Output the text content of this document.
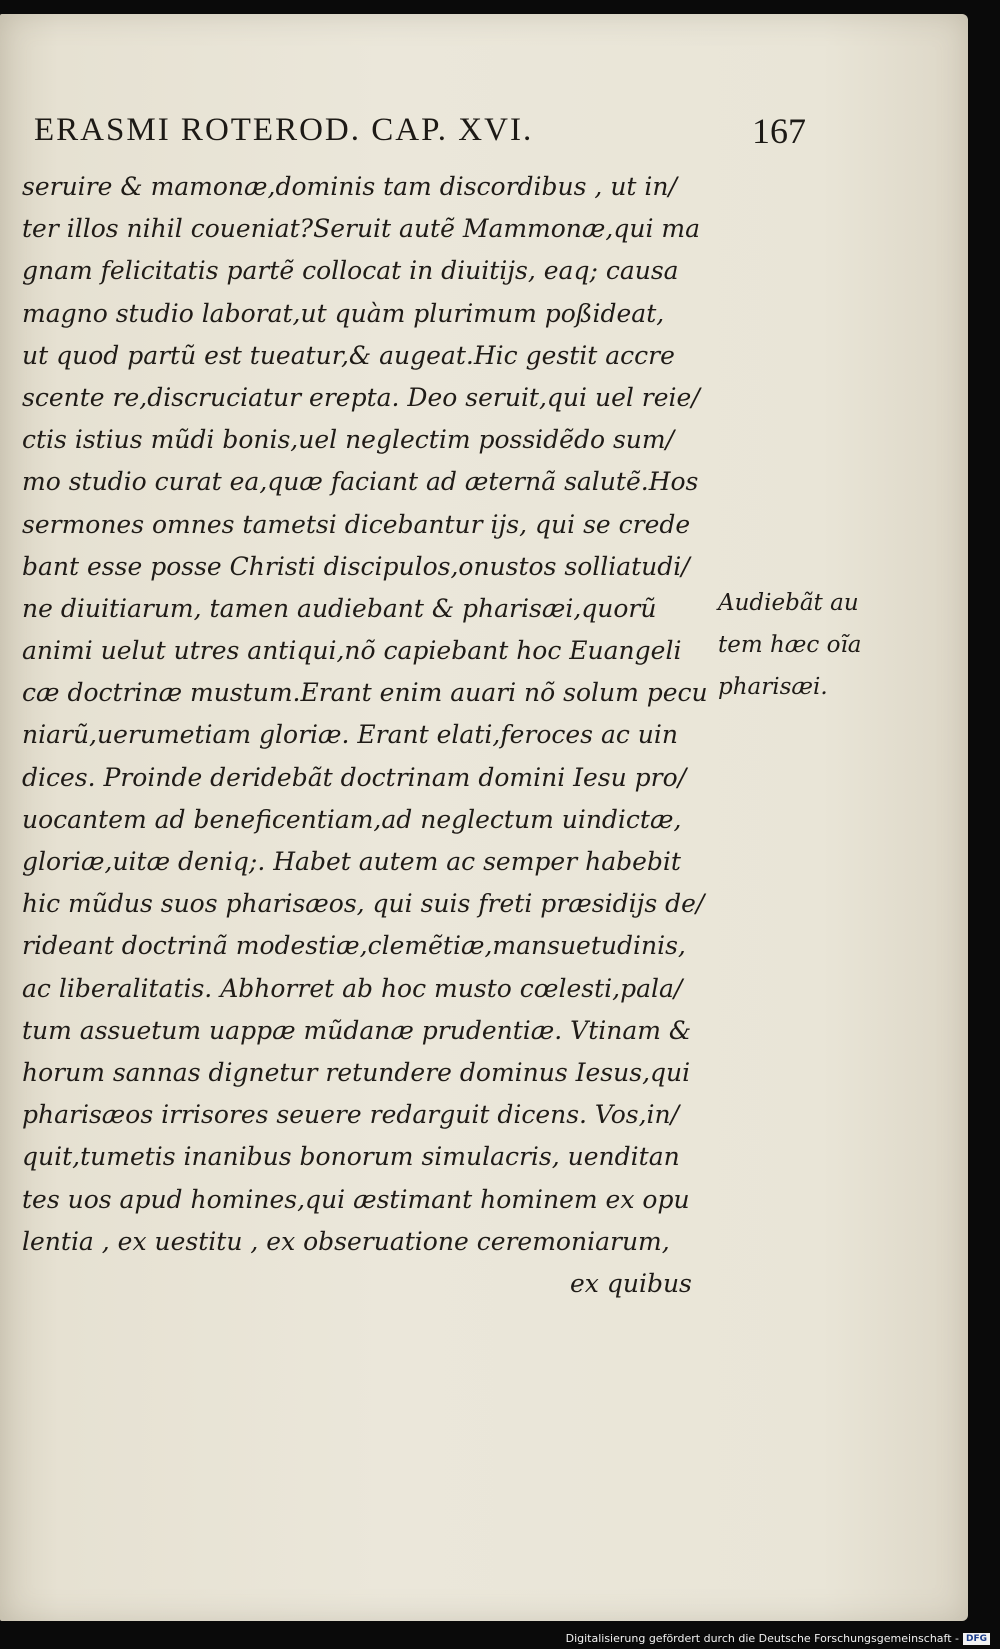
ERASMI ROTEROD. CAP. XVI.	167
seruire & mamonæ,dominis tam discordibus , ut in/
ter illos nihil coueniat?Seruit autẽ Mammonæ,qui ma
gnam felicitatis partẽ collocat in diuitijs, eaq; causa
magno studio laborat,ut quàm plurimum poßideat,
ut quod partũ est tueatur,& augeat.Hic gestit accre
scente re,discruciatur erepta. Deo seruit,qui uel reie/
ctis istius mũdi bonis,uel neglectim possidẽdo sum/
mo studio curat ea,quæ faciant ad æternã salutẽ.Hos
sermones omnes tametsi dicebantur ijs, qui se crede
bant esse posse Christi discipulos,onustos solliatudi/
ne diuitiarum, tamen audiebant & pharisæi,quorũ
animi uelut utres antiqui,nõ capiebant hoc Euangeli
cæ doctrinæ mustum.Erant enim auari nõ solum pecu
niarũ,uerumetiam gloriæ. Erant elati,feroces ac uin
dices. Proinde deridebãt doctrinam domini Iesu pro/
uocantem ad beneficentiam,ad neglectum uindictæ,
gloriæ,uitæ deniq;. Habet autem ac semper habebit
hic mũdus suos pharisæos, qui suis freti præsidijs de/
rideant doctrinã modestiæ,clemẽtiæ,mansuetudinis,
ac liberalitatis. Abhorret ab hoc musto cœlesti,pala/
tum assuetum uappæ mũdanæ prudentiæ. Vtinam &
horum sannas dignetur retundere dominus Iesus,qui
pharisæos irrisores seuere redarguit dicens. Vos,in/
quit,tumetis inanibus bonorum simulacris, uenditan
tes uos apud homines,qui æstimant hominem ex opu
lentia , ex uestitu , ex obseruatione ceremoniarum,
ex quibus
Audiebãt au
tem hæc oĩa
pharisæi.
Digitalisierung gefördert durch die Deutsche Forschungsgemeinschaft - DFG
